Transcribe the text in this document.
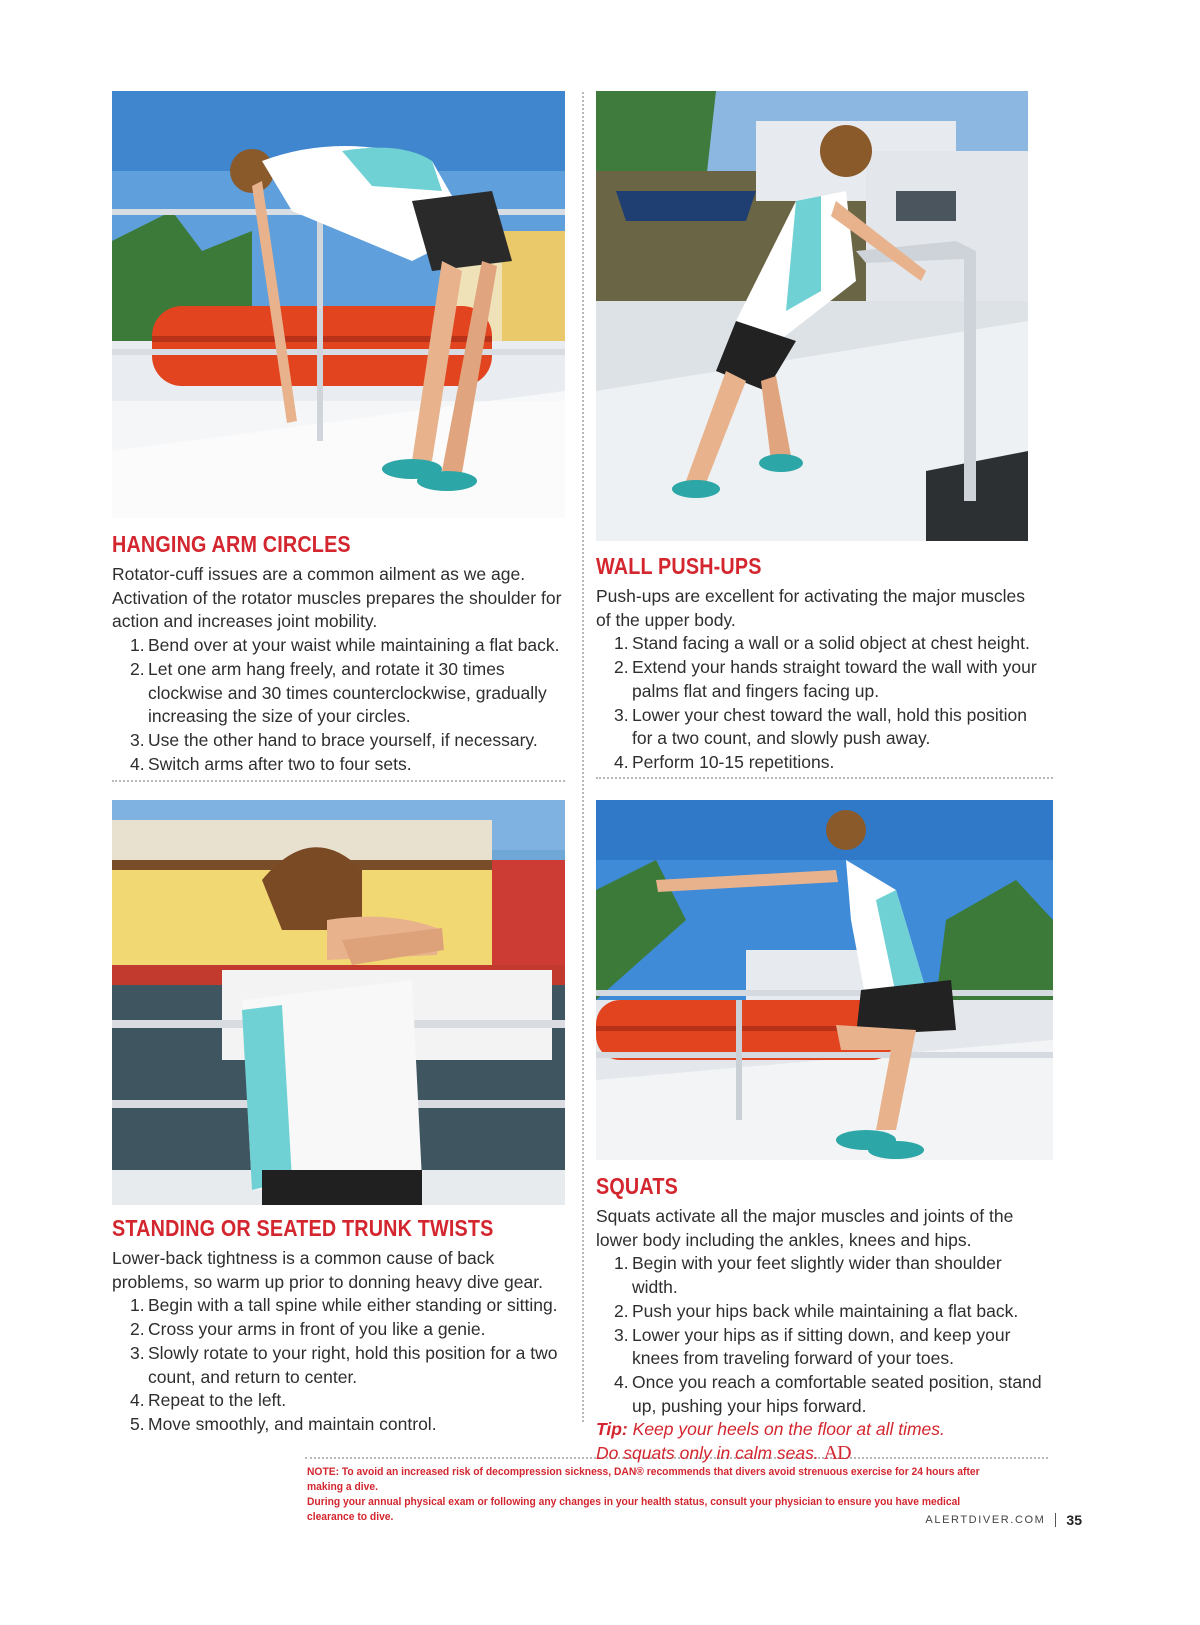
HANGING ARM CIRCLES

Rotator-cuff issues are a common ailment as we age. Activation of the rotator muscles prepares the shoulder for action and increases joint mobility.

1. Bend over at your waist while maintaining a flat back.
2. Let one arm hang freely, and rotate it 30 times clockwise and 30 times counterclockwise, gradually increasing the size of your circles.
3. Use the other hand to brace yourself, if necessary.
4. Switch arms after two to four sets.
WALL PUSH-UPS

Push-ups are excellent for activating the major muscles of the upper body.

1. Stand facing a wall or a solid object at chest height.
2. Extend your hands straight toward the wall with your palms flat and fingers facing up.
3. Lower your chest toward the wall, hold this position for a two count, and slowly push away.
4. Perform 10-15 repetitions.
STANDING OR SEATED TRUNK TWISTS

Lower-back tightness is a common cause of back problems, so warm up prior to donning heavy dive gear.

1. Begin with a tall spine while either standing or sitting.
2. Cross your arms in front of you like a genie.
3. Slowly rotate to your right, hold this position for a two count, and return to center.
4. Repeat to the left.
5. Move smoothly, and maintain control.
SQUATS

Squats activate all the major muscles and joints of the lower body including the ankles, knees and hips.

1. Begin with your feet slightly wider than shoulder width.
2. Push your hips back while maintaining a flat back.
3. Lower your hips as if sitting down, and keep your knees from traveling forward of your toes.
4. Once you reach a comfortable seated position, stand up, pushing your hips forward.

Tip: Keep your heels on the floor at all times.

Do squats only in calm seas. AD

NOTE: To avoid an increased risk of decompression sickness, DAN® recommends that divers avoid strenuous exercise for 24 hours after making a dive.
During your annual physical exam or following any changes in your health status, consult your physician to ensure you have medical clearance to dive.	ALERTDIVER.COM 35
